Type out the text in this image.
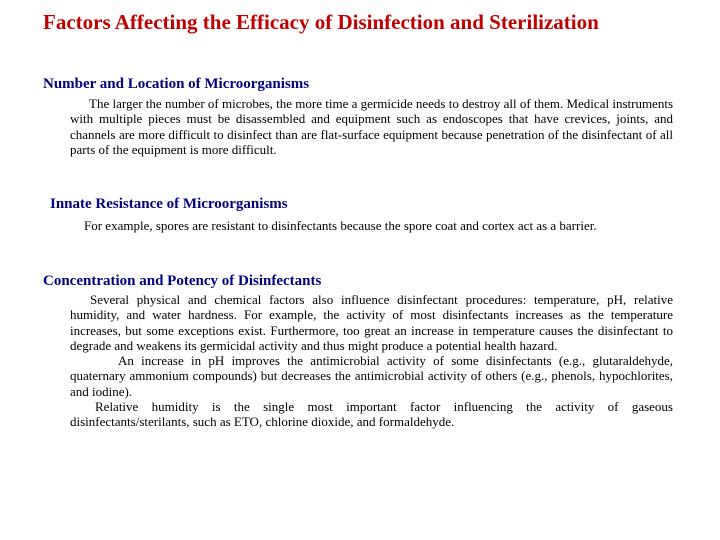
Factors Affecting the Efficacy of Disinfection and Sterilization
Number and Location of Microorganisms

The larger the number of microbes, the more time a germicide needs to destroy all of them. Medical instruments with multiple pieces must be disassembled and equipment such as endoscopes that have crevices, joints, and channels are more difficult to disinfect than are flat-surface equipment because penetration of the disinfectant of all parts of the equipment is more difficult.

Innate Resistance of Microorganisms

For example, spores are resistant to disinfectants because the spore coat and cortex act as a barrier.

Concentration and Potency of Disinfectants

Several physical and chemical factors also influence disinfectant procedures: temperature, pH, relative humidity, and water hardness. For example, the activity of most disinfectants increases as the temperature increases, but some exceptions exist. Furthermore, too great an increase in temperature causes the disinfectant to degrade and weakens its germicidal activity and thus might produce a potential health hazard.

An increase in pH improves the antimicrobial activity of some disinfectants (e.g., glutaraldehyde, quaternary ammonium compounds) but decreases the antimicrobial activity of others (e.g., phenols, hypochlorites, and iodine).

Relative humidity is the single most important factor influencing the activity of gaseous disinfectants/sterilants, such as ETO, chlorine dioxide, and formaldehyde.
